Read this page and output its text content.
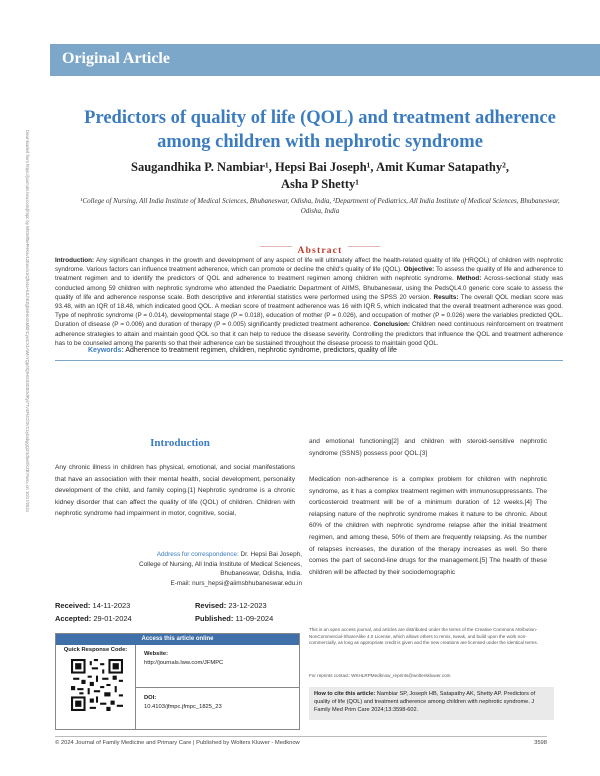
Downloaded from https://journals.lww.com/jfmpc by BhDMf5ePHKav1zEoum1tQfN4a+kJLhEZgbsIHo4XMi0hCywCX1AWnYQp/IlQrHD3i3D0OdRyi7TvSFl4Cf3VC1y0abggQZXdtwnfKZBYtws= on 10/17/2024
Original Article
Predictors of quality of life (QOL) and treatment adherence among children with nephrotic syndrome
Saugandhika P. Nambiar¹, Hepsi Bai Joseph¹, Amit Kumar Satapathy²,
Asha P Shetty¹
¹College of Nursing, All India Institute of Medical Sciences, Bhubaneswar, Odisha, India, ²Department of Pediatrics, All India Institute of Medical Sciences, Bhubaneswar, Odisha, India
Abstract

Introduction: Any significant changes in the growth and development of any aspect of life will ultimately affect the health-related quality of life (HRQOL) of children with nephrotic syndrome. Various factors can influence treatment adherence, which can promote or decline the child's quality of life (QOL). Objective: To assess the quality of life and adherence to treatment regimen and to identify the predictors of QOL and adherence to treatment regimen among children with nephrotic syndrome. Method: Across-sectional study was conducted among 59 children with nephrotic syndrome who attended the Paediatric Department of AIIMS, Bhubaneswar, using the PedsQL4.0 generic core scale to assess the quality of life and adherence response scale. Both descriptive and inferential statistics were performed using the SPSS 20 version. Results: The overall QOL median score was 93.48, with an IQR of 18.48, which indicated good QOL. A median score of treatment adherence was 16 with IQR 5, which indicated that the overall treatment adherence was good. Type of nephrotic syndrome (P = 0.014), developmental stage (P = 0.018), education of mother (P = 0.026), and occupation of mother (P = 0.026) were the variables predicted QOL. Duration of disease (P = 0.006) and duration of therapy (P = 0.005) significantly predicted treatment adherence. Conclusion: Children need continuous reinforcement on treatment adherence strategies to attain and maintain good QOL so that it can help to reduce the disease severity. Controlling the predictors that influence the QOL and treatment adherence has to be counseled among the parents so that their adherence can be sustained throughout the disease process to maintain good QOL.

Keywords: Adherence to treatment regimen, children, nephrotic syndrome, predictors, quality of life
Introduction

Any chronic illness in children has physical, emotional, and social manifestations that have an association with their mental health, social development, personality development of the child, and family coping.[1] Nephrotic syndrome is a chronic kidney disorder that can affect the quality of life (QOL) of children. Children with nephrotic syndrome had impairment in motor, cognitive, social,

and emotional functioning[2] and children with steroid-sensitive nephrotic syndrome (SSNS) possess poor QOL.[3]

Medication non-adherence is a complex problem for children with nephrotic syndrome, as it has a complex treatment regimen with immunosuppressants. The corticosteroid treatment will be of a minimum duration of 12 weeks.[4] The relapsing nature of the nephrotic syndrome makes it nature to be chronic. About 60% of the children with nephrotic syndrome relapse after the initial treatment regimen, and among these, 50% of them are frequently relapsing. As the number of relapses increases, the duration of the therapy increases as well. So there comes the part of second-line drugs for the management.[5] The health of these children will be affected by their sociodemographic

Address for correspondence: Dr. Hepsi Bai Joseph,
College of Nursing, All India Institute of Medical Sciences,
Bhubaneswar, Odisha, India.
E-mail: nurs_hepsi@aiimsbhubaneswar.edu.in
Received: 14-11-2023	Revised: 23-12-2023
Accepted: 29-01-2024	Published: 11-09-2024
Access this article online
Quick Response Code:
Website:
http://journals.lww.com/JFMPC
DOI:
10.4103/jfmpc.jfmpc_1825_23

This is an open access journal, and articles are distributed under the terms of the Creative Commons Attribution-NonCommercial-ShareAlike 4.0 License, which allows others to remix, tweak, and build upon the work non-commercially, as long as appropriate credit is given and the new creations are licensed under the identical terms.

For reprints contact: WKHLRPMedknow_reprints@wolterskluwer.com

How to cite this article: Nambiar SP, Joseph HB, Satapathy AK, Shetty AP. Predictors of quality of life (QOL) and treatment adherence among children with nephrotic syndrome. J Family Med Prim Care 2024;13:3598-602.
© 2024 Journal of Family Medicine and Primary Care | Published by Wolters Kluwer - Medknow	3598
